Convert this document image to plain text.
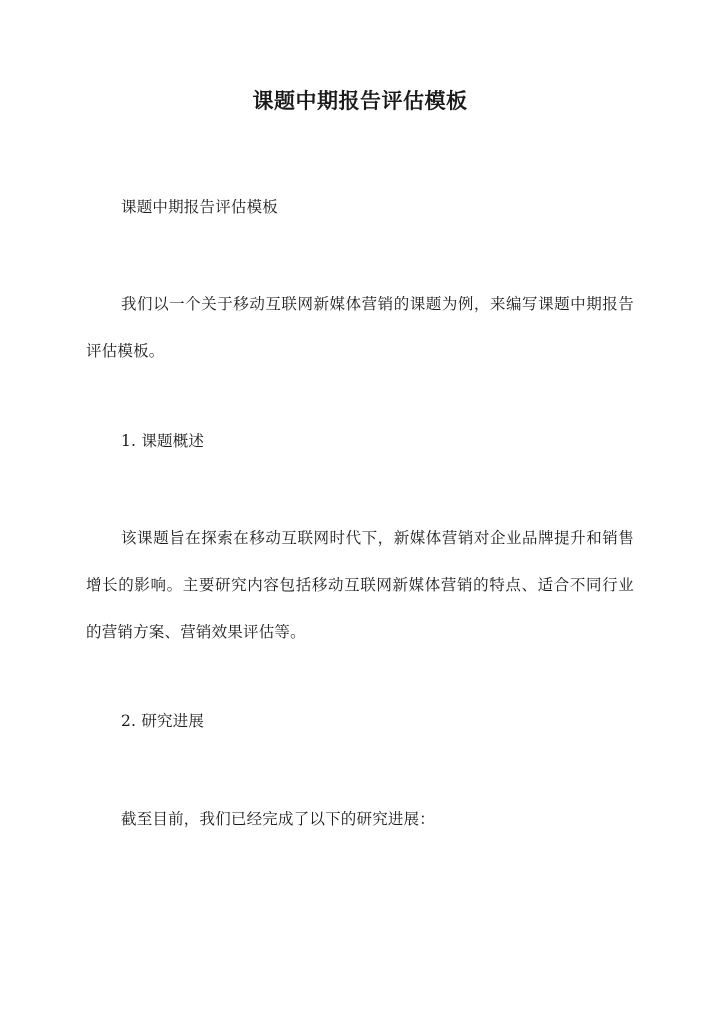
课题中期报告评估模板
课题中期报告评估模板
我们以一个关于移动互联网新媒体营销的课题为例，来编写课题中期报告评估模板。
1. 课题概述
该课题旨在探索在移动互联网时代下，新媒体营销对企业品牌提升和销售增长的影响。主要研究内容包括移动互联网新媒体营销的特点、适合不同行业的营销方案、营销效果评估等。
2. 研究进展
截至目前，我们已经完成了以下的研究进展：
